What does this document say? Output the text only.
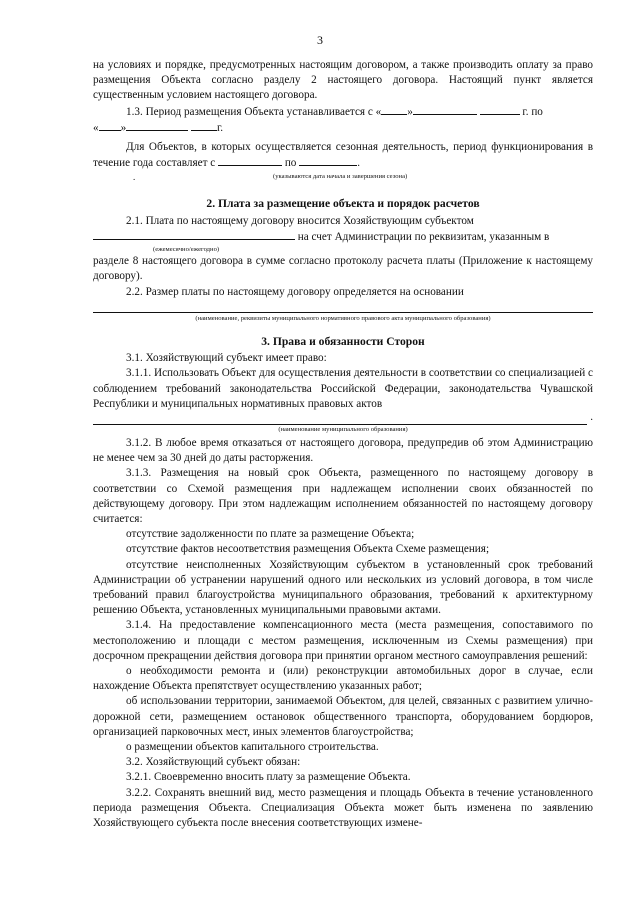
3

на условиях и порядке, предусмотренных настоящим договором, а также производить оплату за право размещения Объекта согласно разделу 2 настоящего договора. Настоящий пункт является существенным условием настоящего договора.

1.3. Период размещения Объекта устанавливается с « »	г. по

« »	г.

Для Объектов, в которых осуществляется сезонная деятельность, период функционирования в течение года составляет с	по	.

.	(указываются дата начала и завершения сезона)

2. Плата за размещение объекта и порядок расчетов

2.1. Плата по настоящему договору вносится Хозяйствующим субъектом

на счет Администрации по реквизитам, указанным в

(ежемесячно/ежегодно)

разделе 8 настоящего договора в сумме согласно протоколу расчета платы (Приложение к настоящему договору).

2.2. Размер платы по настоящему договору определяется на основании

(наименование, реквизиты муниципального нормативного правового акта муниципального образования)

3. Права и обязанности Сторон

3.1. Хозяйствующий субъект имеет право:

3.1.1. Использовать Объект для осуществления деятельности в соответствии со специализацией с соблюдением требований законодательства Российской Федерации, законодательства Чувашской Республики и муниципальных нормативных правовых актов

.

(наименование муниципального образования)

3.1.2. В любое время отказаться от настоящего договора, предупредив об этом Администрацию не менее чем за 30 дней до даты расторжения.

3.1.3. Размещения на новый срок Объекта, размещенного по настоящему договору в соответствии со Схемой размещения при надлежащем исполнении своих обязанностей по действующему договору. При этом надлежащим исполнением обязанностей по настоящему договору считается:

отсутствие задолженности по плате за размещение Объекта;

отсутствие фактов несоответствия размещения Объекта Схеме размещения;

отсутствие неисполненных Хозяйствующим субъектом в установленный срок требований Администрации об устранении нарушений одного или нескольких из условий договора, в том числе требований правил благоустройства муниципального образования, требований к архитектурному решению Объекта, установленных муниципальными правовыми актами.

3.1.4. На предоставление компенсационного места (места размещения, сопоставимого по местоположению и площади с местом размещения, исключенным из Схемы размещения) при досрочном прекращении действия договора при принятии органом местного самоуправления решений:

о необходимости ремонта и (или) реконструкции автомобильных дорог в случае, если нахождение Объекта препятствует осуществлению указанных работ;

об использовании территории, занимаемой Объектом, для целей, связанных с развитием улично-дорожной сети, размещением остановок общественного транспорта, оборудованием бордюров, организацией парковочных мест, иных элементов благоустройства;

о размещении объектов капитального строительства.

3.2. Хозяйствующий субъект обязан:

3.2.1. Своевременно вносить плату за размещение Объекта.

3.2.2. Сохранять внешний вид, место размещения и площадь Объекта в течение установленного периода размещения Объекта. Специализация Объекта может быть изменена по заявлению Хозяйствующего субъекта после внесения соответствующих измене-
